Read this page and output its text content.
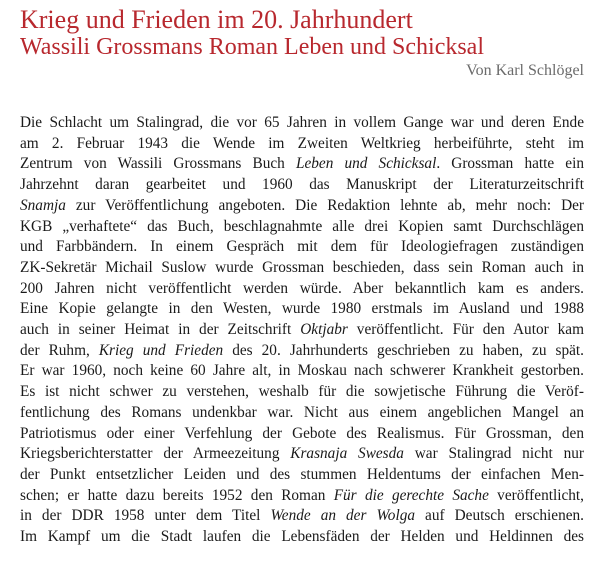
Krieg und Frieden im 20. Jahrhundert
Wassili Grossmans Roman Leben und Schicksal

Von Karl Schlögel

Die Schlacht um Stalingrad, die vor 65 Jahren in vollem Gange war und deren Ende
am 2. Februar 1943 die Wende im Zweiten Weltkrieg herbeiführte, steht im
Zentrum von Wassili Grossmans Buch Leben und Schicksal. Grossman hatte ein
Jahrzehnt daran gearbeitet und 1960 das Manuskript der Literaturzeitschrift
Snamja zur Veröffentlichung angeboten. Die Redaktion lehnte ab, mehr noch: Der
KGB „verhaftete“ das Buch, beschlagnahmte alle drei Kopien samt Durchschlägen
und Farbbändern. In einem Gespräch mit dem für Ideologiefragen zuständigen
ZK-Sekretär Michail Suslow wurde Grossman beschieden, dass sein Roman auch in
200 Jahren nicht veröffentlicht werden würde. Aber bekanntlich kam es anders.
Eine Kopie gelangte in den Westen, wurde 1980 erstmals im Ausland und 1988
auch in seiner Heimat in der Zeitschrift Oktjabr veröffentlicht. Für den Autor kam
der Ruhm, Krieg und Frieden des 20. Jahrhunderts geschrieben zu haben, zu spät.
Er war 1960, noch keine 60 Jahre alt, in Moskau nach schwerer Krankheit gestorben.
Es ist nicht schwer zu verstehen, weshalb für die sowjetische Führung die Veröf-
fentlichung des Romans undenkbar war. Nicht aus einem angeblichen Mangel an
Patriotismus oder einer Verfehlung der Gebote des Realismus. Für Grossman, den
Kriegsberichterstatter der Armeezeitung Krasnaja Swesda war Stalingrad nicht nur
der Punkt entsetzlicher Leiden und des stummen Heldentums der einfachen Men-
schen; er hatte dazu bereits 1952 den Roman Für die gerechte Sache veröffentlicht,
in der DDR 1958 unter dem Titel Wende an der Wolga auf Deutsch erschienen.
Im Kampf um die Stadt laufen die Lebensfäden der Helden und Heldinnen des
